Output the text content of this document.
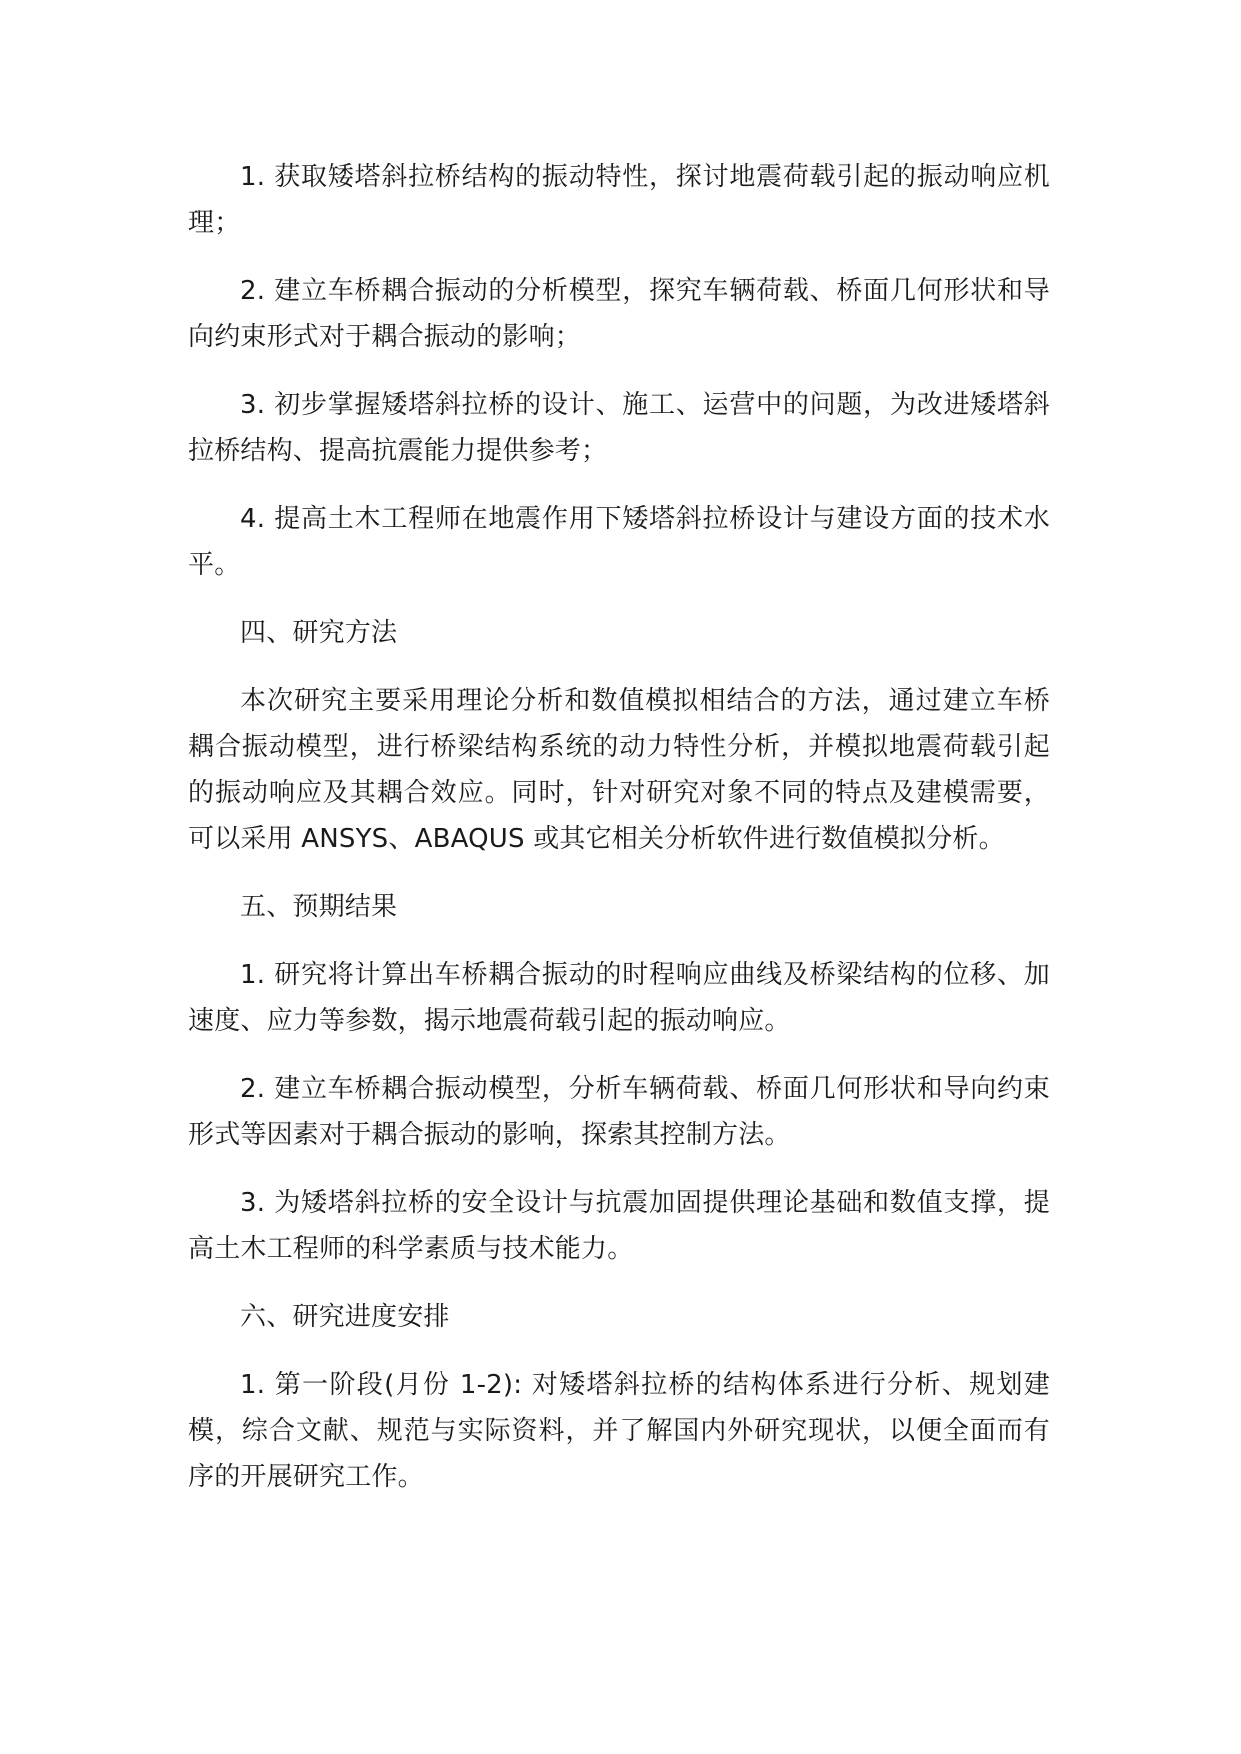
1. 获取矮塔斜拉桥结构的振动特性，探讨地震荷载引起的振动响应机理；

2. 建立车桥耦合振动的分析模型，探究车辆荷载、桥面几何形状和导向约束形式对于耦合振动的影响；

3. 初步掌握矮塔斜拉桥的设计、施工、运营中的问题，为改进矮塔斜拉桥结构、提高抗震能力提供参考；

4. 提高土木工程师在地震作用下矮塔斜拉桥设计与建设方面的技术水平。

四、研究方法

本次研究主要采用理论分析和数值模拟相结合的方法，通过建立车桥耦合振动模型，进行桥梁结构系统的动力特性分析，并模拟地震荷载引起的振动响应及其耦合效应。同时，针对研究对象不同的特点及建模需要，可以采用 ANSYS、ABAQUS 或其它相关分析软件进行数值模拟分析。

五、预期结果

1. 研究将计算出车桥耦合振动的时程响应曲线及桥梁结构的位移、加速度、应力等参数，揭示地震荷载引起的振动响应。

2. 建立车桥耦合振动模型，分析车辆荷载、桥面几何形状和导向约束形式等因素对于耦合振动的影响，探索其控制方法。

3. 为矮塔斜拉桥的安全设计与抗震加固提供理论基础和数值支撑，提高土木工程师的科学素质与技术能力。

六、研究进度安排

1. 第一阶段(月份 1-2): 对矮塔斜拉桥的结构体系进行分析、规划建模，综合文献、规范与实际资料，并了解国内外研究现状，以便全面而有序的开展研究工作。
